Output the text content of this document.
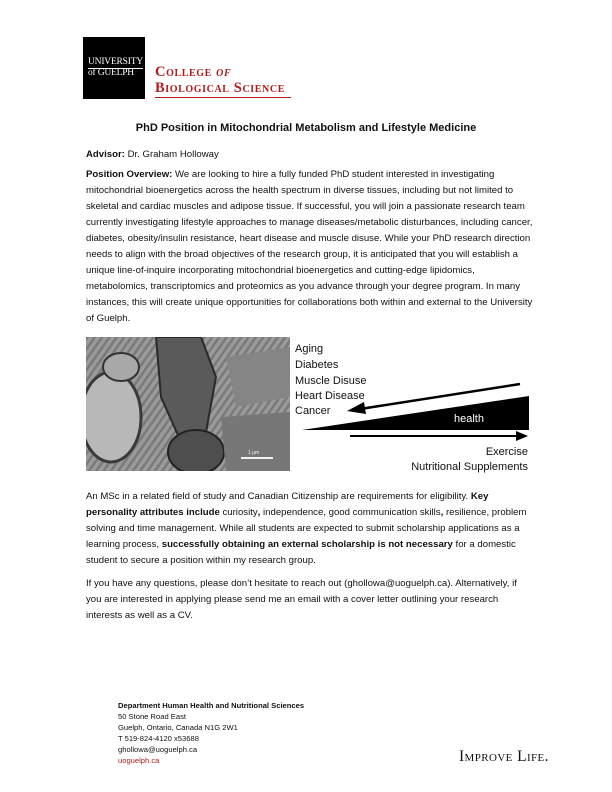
UNIVERSITY
of GUELPH	College of
Biological Science
PhD Position in Mitochondrial Metabolism and Lifestyle Medicine

Advisor: Dr. Graham Holloway

Position Overview: We are looking to hire a fully funded PhD student interested in investigating mitochondrial bioenergetics across the health spectrum in diverse tissues, including but not limited to skeletal and cardiac muscles and adipose tissue. If successful, you will join a passionate research team currently investigating lifestyle approaches to manage diseases/metabolic disturbances, including cancer, diabetes, obesity/insulin resistance, heart disease and muscle disuse. While your PhD research direction needs to align with the broad objectives of the research group, it is anticipated that you will establish a unique line-of-inquire incorporating mitochondrial bioenergetics and cutting-edge lipidomics, metabolomics, transcriptomics and proteomics as you advance through your degree program. In many instances, this will create unique opportunities for collaborations both within and external to the University of Guelph.

1 µm
Aging
Diabetes
Muscle Disuse
Heart Disease
Cancer
health
Exercise
Nutritional Supplements

An MSc in a related field of study and Canadian Citizenship are requirements for eligibility. Key personality attributes include curiosity, independence, good communication skills, resilience, problem solving and time management. While all students are expected to submit scholarship applications as a learning process, successfully obtaining an external scholarship is not necessary for a domestic student to secure a position within my research group.

If you have any questions, please don’t hesitate to reach out (ghollowa@uoguelph.ca). Alternatively, if you are interested in applying please send me an email with a cover letter outlining your research interests as well as a CV.

Department Human Health and Nutritional Sciences
50 Stone Road East
Guelph, Ontario, Canada N1G 2W1
T 519-824-4120 x53688
ghollowa@uoguelph.ca
uoguelph.ca	Improve Life.
